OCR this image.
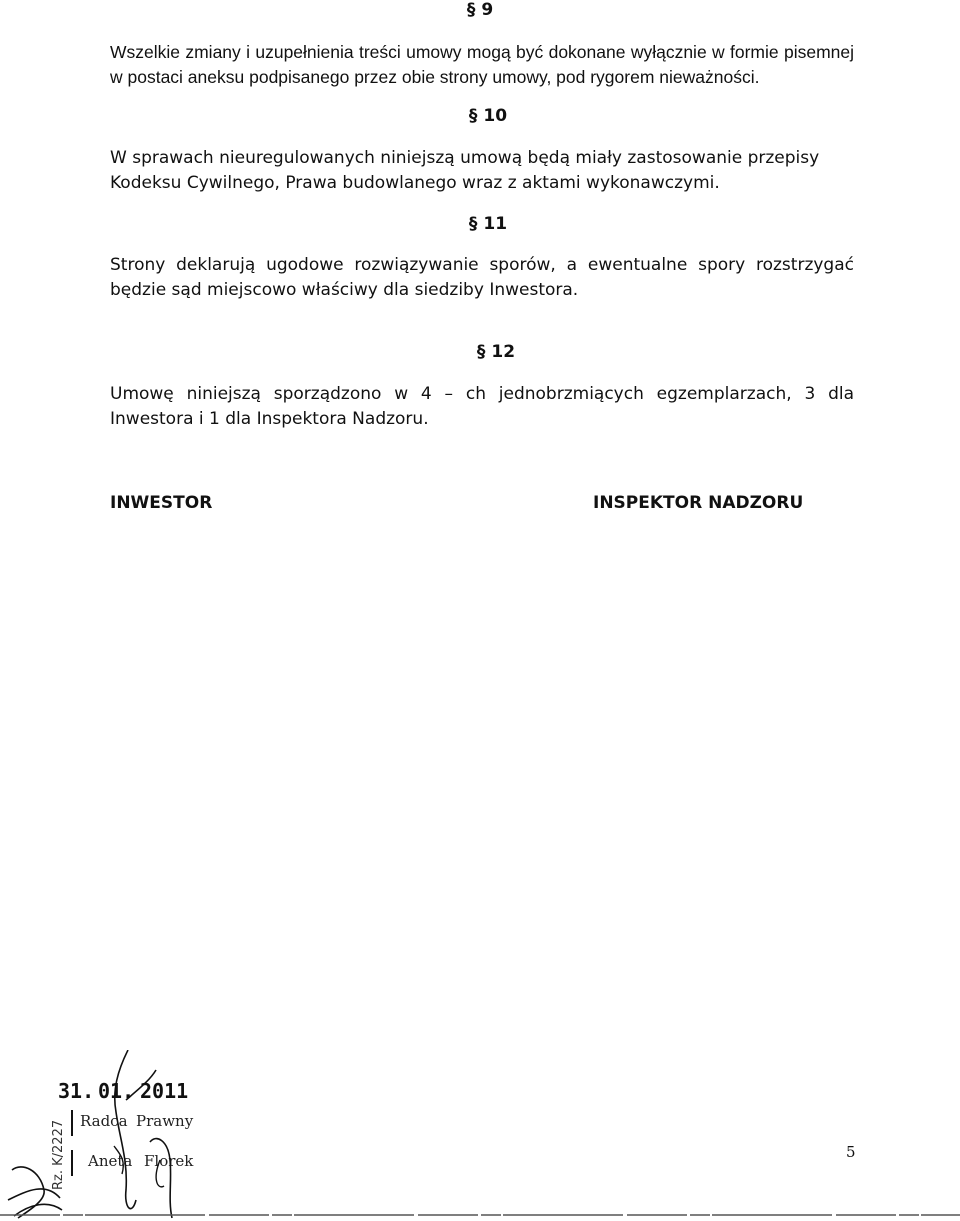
§ 9

Wszelkie zmiany i uzupełnienia treści umowy mogą być dokonane wyłącznie w formie pisemnej w postaci aneksu podpisanego przez obie strony umowy, pod rygorem nieważności.

§ 10

W sprawach nieuregulowanych niniejszą umową będą miały zastosowanie przepisy Kodeksu Cywilnego, Prawa budowlanego wraz z aktami wykonawczymi.

§ 11

Strony deklarują ugodowe rozwiązywanie sporów, a ewentualne spory rozstrzygać będzie sąd miejscowo właściwy dla siedziby Inwestora.

§ 12

Umowę niniejszą sporządzono w 4 – ch jednobrzmiących egzemplarzach, 3 dla Inwestora i 1 dla Inspektora Nadzoru.

INWESTOR	INSPEKTOR NADZORU
31. 01. 2011
Radca Prawny
Aneta Florek
Rz. K/2227	5
